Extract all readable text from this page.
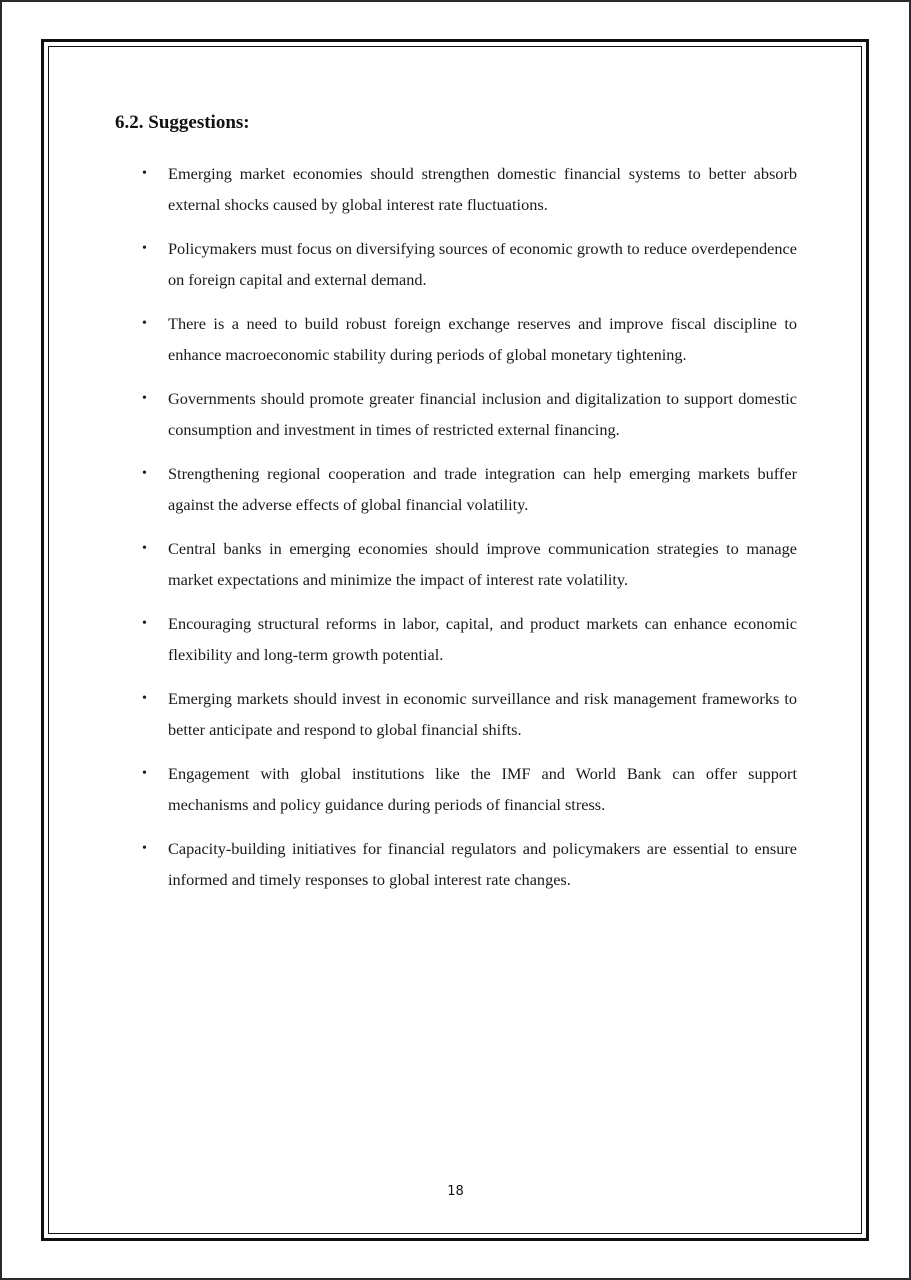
6.2. Suggestions:
• Emerging market economies should strengthen domestic financial systems to better absorb external shocks caused by global interest rate fluctuations.
• Policymakers must focus on diversifying sources of economic growth to reduce overdependence on foreign capital and external demand.
• There is a need to build robust foreign exchange reserves and improve fiscal discipline to enhance macroeconomic stability during periods of global monetary tightening.
• Governments should promote greater financial inclusion and digitalization to support domestic consumption and investment in times of restricted external financing.
• Strengthening regional cooperation and trade integration can help emerging markets buffer against the adverse effects of global financial volatility.
• Central banks in emerging economies should improve communication strategies to manage market expectations and minimize the impact of interest rate volatility.
• Encouraging structural reforms in labor, capital, and product markets can enhance economic flexibility and long-term growth potential.
• Emerging markets should invest in economic surveillance and risk management frameworks to better anticipate and respond to global financial shifts.
• Engagement with global institutions like the IMF and World Bank can offer support mechanisms and policy guidance during periods of financial stress.
• Capacity-building initiatives for financial regulators and policymakers are essential to ensure informed and timely responses to global interest rate changes.
18
